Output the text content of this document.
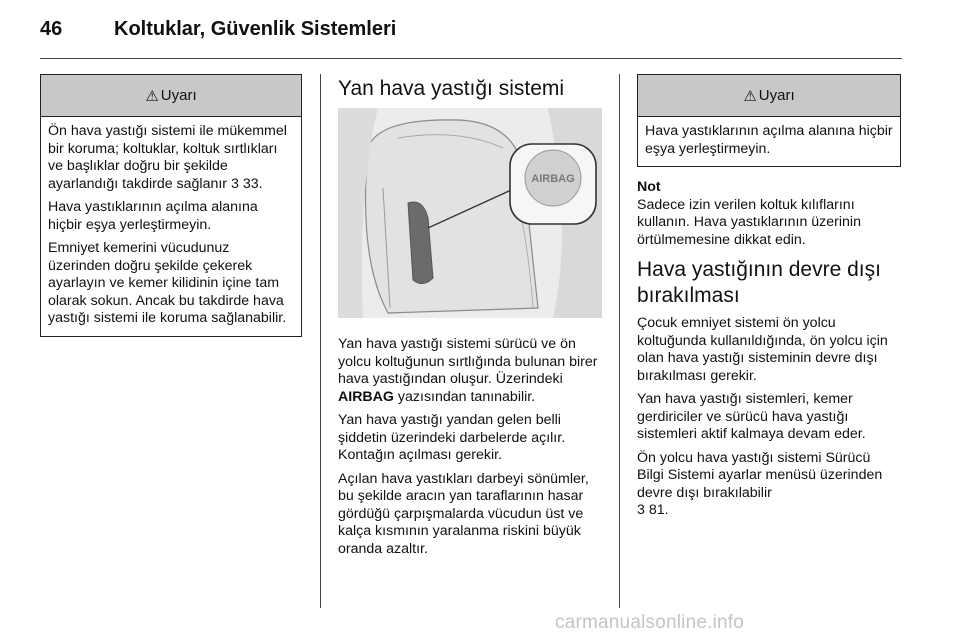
46	Koltuklar, Güvenlik Sistemleri
⚠ Uyarı

Ön hava yastığı sistemi ile mükemmel bir koruma; koltuklar, koltuk sırtlıkları ve başlıklar doğru bir şekilde ayarlandığı takdirde sağlanır 3 33.

Hava yastıklarının açılma alanına hiçbir eşya yerleştirmeyin.

Emniyet kemerini vücudunuz üzerinden doğru şekilde çekerek ayarlayın ve kemer kilidinin içine tam olarak sokun. Ancak bu takdirde hava yastığı sistemi ile koruma sağlanabilir.

Yan hava yastığı sistemi
AIRBAG

Yan hava yastığı sistemi sürücü ve ön yolcu koltuğunun sırtlığında bulunan birer hava yastığından oluşur. Üzerindeki AIRBAG yazısından tanınabilir.

Yan hava yastığı yandan gelen belli şiddetin üzerindeki darbelerde açılır. Kontağın açılması gerekir.

Açılan hava yastıkları darbeyi sönümler, bu şekilde aracın yan taraflarının hasar gördüğü çarpışmalarda vücudun üst ve kalça kısmının yaralanma riskini büyük oranda azaltır.

⚠ Uyarı

Hava yastıklarının açılma alanına hiçbir eşya yerleştirmeyin.

Not

Sadece izin verilen koltuk kılıflarını kullanın. Hava yastıklarının üzerinin örtülmemesine dikkat edin.

Hava yastığının devre dışı bırakılması

Çocuk emniyet sistemi ön yolcu koltuğunda kullanıldığında, ön yolcu için olan hava yastığı sisteminin devre dışı bırakılması gerekir.

Yan hava yastığı sistemleri, kemer gerdiriciler ve sürücü hava yastığı sistemleri aktif kalmaya devam eder.

Ön yolcu hava yastığı sistemi Sürücü Bilgi Sistemi ayarlar menüsü üzerinden devre dışı bırakılabilir
3 81.

carmanualsonline.info
